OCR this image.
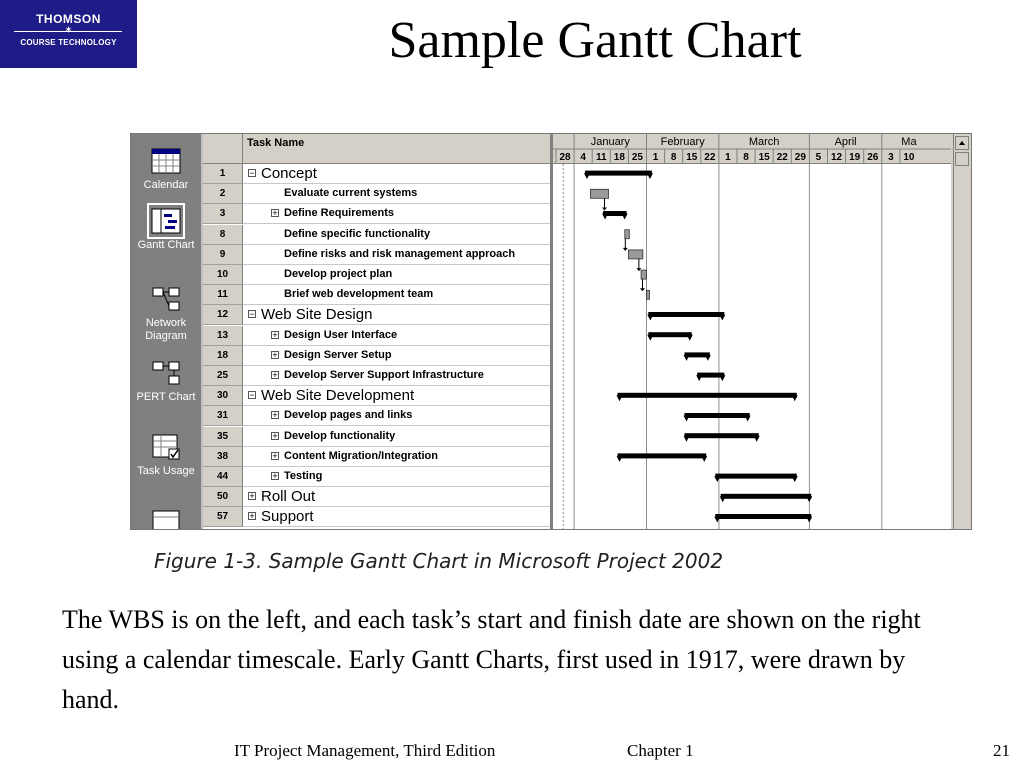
THOMSON
✶
COURSE TECHNOLOGY	Sample Gantt Chart
Calendar
Gantt Chart
Network Diagram
PERT Chart
Task Usage
Task Name
1	− Concept
2	Evaluate current systems
3	+ Define Requirements
8	Define specific functionality
9	Define risks and risk management approach
10	Develop project plan
11	Brief web development team
12	− Web Site Design
13	+ Design User Interface
18	+ Design Server Setup
25	+ Develop Server Support Infrastructure
30	− Web Site Development
31	+ Develop pages and links
35	+ Develop functionality
38	+ Content Migration/Integration
44	+ Testing
50	+ Roll Out
57	+ Support
January	February	March	April	Ma
28 4 11 18 25 1 8 15 22 1 8 15 22 29 5 12 19 26 3 10
Figure 1-3. Sample Gantt Chart in Microsoft Project 2002
The WBS is on the left, and each task’s start and finish date are shown on the right using a calendar timescale. Early Gantt Charts, first used in 1917, were drawn by hand.
IT Project Management, Third Edition	Chapter 1	21
